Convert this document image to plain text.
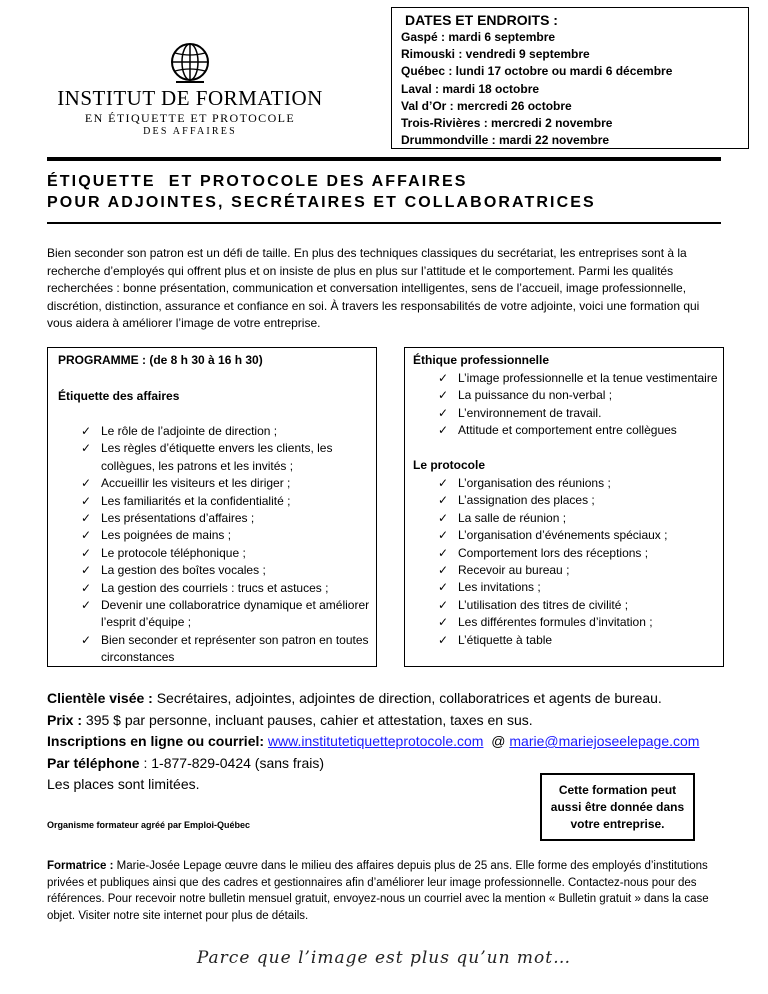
INSTITUT DE FORMATION
EN ÉTIQUETTE ET PROTOCOLE
DES AFFAIRES
DATES ET ENDROITS :
Gaspé : mardi 6 septembre
Rimouski : vendredi 9 septembre
Québec : lundi 17 octobre ou mardi 6 décembre
Laval : mardi 18 octobre
Val d’Or : mercredi 26 octobre
Trois-Rivières : mercredi 2 novembre
Drummondville : mardi 22 novembre
ÉTIQUETTE  ET PROTOCOLE DES AFFAIRES
POUR ADJOINTES, SECRÉTAIRES ET COLLABORATRICES
Bien seconder son patron est un défi de taille. En plus des techniques classiques du secrétariat, les entreprises sont à la recherche d’employés qui offrent plus et on insiste de plus en plus sur l’attitude et le comportement. Parmi les qualités recherchées : bonne présentation, communication et conversation intelligentes, sens de l’accueil, image professionnelle, discrétion, distinction, assurance et confiance en soi. À travers les responsabilités de votre adjointe, voici une formation qui vous aidera à améliorer l’image de votre entreprise.
PROGRAMME : (de 8 h 30 à 16 h 30)
Étiquette des affaires
✓ Le rôle de l’adjointe de direction ;
✓ Les règles d’étiquette envers les clients, les collègues, les patrons et les invités ;
✓ Accueillir les visiteurs et les diriger ;
✓ Les familiarités et la confidentialité ;
✓ Les présentations d’affaires ;
✓ Les poignées de mains ;
✓ Le protocole téléphonique ;
✓ La gestion des boîtes vocales ;
✓ La gestion des courriels : trucs et astuces ;
✓ Devenir une collaboratrice dynamique et améliorer l’esprit d’équipe ;
✓ Bien seconder et représenter son patron en toutes circonstances
Éthique professionnelle
✓ L’image professionnelle et la tenue vestimentaire
✓ La puissance du non-verbal ;
✓ L’environnement de travail.
✓ Attitude et comportement entre collègues
Le protocole
✓ L’organisation des réunions ;
✓ L’assignation des places ;
✓ La salle de réunion ;
✓ L’organisation d’événements spéciaux ;
✓ Comportement lors des réceptions ;
✓ Recevoir au bureau ;
✓ Les invitations ;
✓ L’utilisation des titres de civilité ;
✓ Les différentes formules d’invitation ;
✓ L’étiquette à table
Clientèle visée : Secrétaires, adjointes, adjointes de direction, collaboratrices et agents de bureau.
Prix : 395 $ par personne, incluant pauses, cahier et attestation, taxes en sus.
Inscriptions en ligne ou courriel: www.institutetiquetteprotocole.com  @ marie@mariejoseelepage.com
Par téléphone : 1-877-829-0424 (sans frais)
Les places sont limitées.
Organisme formateur agréé par Emploi-Québec
Cette formation peut aussi être donnée dans votre entreprise.
Formatrice : Marie-Josée Lepage œuvre dans le milieu des affaires depuis plus de 25 ans. Elle forme des employés d’institutions privées et publiques ainsi que des cadres et gestionnaires afin d’améliorer leur image professionnelle. Contactez-nous pour des références. Pour recevoir notre bulletin mensuel gratuit, envoyez-nous un courriel avec la mention « Bulletin gratuit » dans la case objet. Visiter notre site internet pour plus de détails.
Parce que l’image est plus qu’un mot…
